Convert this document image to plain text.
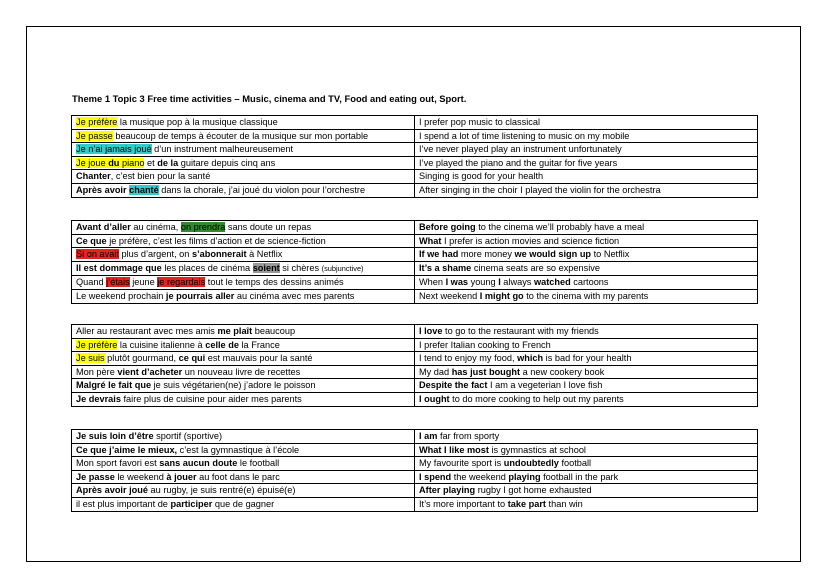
Theme 1 Topic 3 Free time activities – Music, cinema and TV, Food and eating out, Sport.
Je préfère la musique pop à la musique classique	I prefer pop music to classical
Je passe beaucoup de temps à écouter de la musique sur mon portable	I spend a lot of time listening to music on my mobile
Je n’ai jamais joué d’un instrument malheureusement	I’ve never played play an instrument unfortunately
Je joue du piano et de la guitare depuis cinq ans	I’ve played the piano and the guitar for five years
Chanter, c’est bien pour la santé	Singing is good for your health
Après avoir chanté dans la chorale, j’ai joué du violon pour l’orchestre	After singing in the choir I played the violin for the orchestra
Avant d’aller au cinéma, on prendra sans doute un repas	Before going to the cinema we’ll probably have a meal
Ce que je préfère, c’est les films d’action et de science-fiction	What I prefer is action movies and science fiction
Si on avait plus d’argent, on s’abonnerait à Netflix	If we had more money we would sign up to Netflix
Il est dommage que les places de cinéma soient si chères (subjunctive)	It’s a shame cinema seats are so expensive
Quand j’étais jeune je regardais tout le temps des dessins animés	When I was young I always watched cartoons
Le weekend prochain je pourrais aller au cinéma avec mes parents	Next weekend I might go to the cinema with my parents
Aller au restaurant avec mes amis me plaît beaucoup	I love to go to the restaurant with my friends
Je préfère la cuisine italienne à celle de la France	I prefer Italian cooking to French
Je suis plutôt gourmand, ce qui est mauvais pour la santé	I tend to enjoy my food, which is bad for your health
Mon père vient d’acheter un nouveau livre de recettes	My dad has just bought a new cookery book
Malgré le fait que je suis végétarien(ne) j’adore le poisson	Despite the fact I am a vegeterian I love fish
Je devrais faire plus de cuisine pour aider mes parents	I ought to do more cooking to help out my parents
Je suis loin d’être sportif (sportive)	I am far from sporty
Ce que j’aime le mieux, c’est la gymnastique à l’école	What I like most is gymnastics at school
Mon sport favori est sans aucun doute le football	My favourite sport is undoubtedly football
Je passe le weekend à jouer au foot dans le parc	I spend the weekend playing football in the park
Après avoir joué au rugby, je suis rentré(e) épuisé(e)	After playing rugby I got home exhausted
il est plus important de participer que de gagner	It’s more important to take part than win
